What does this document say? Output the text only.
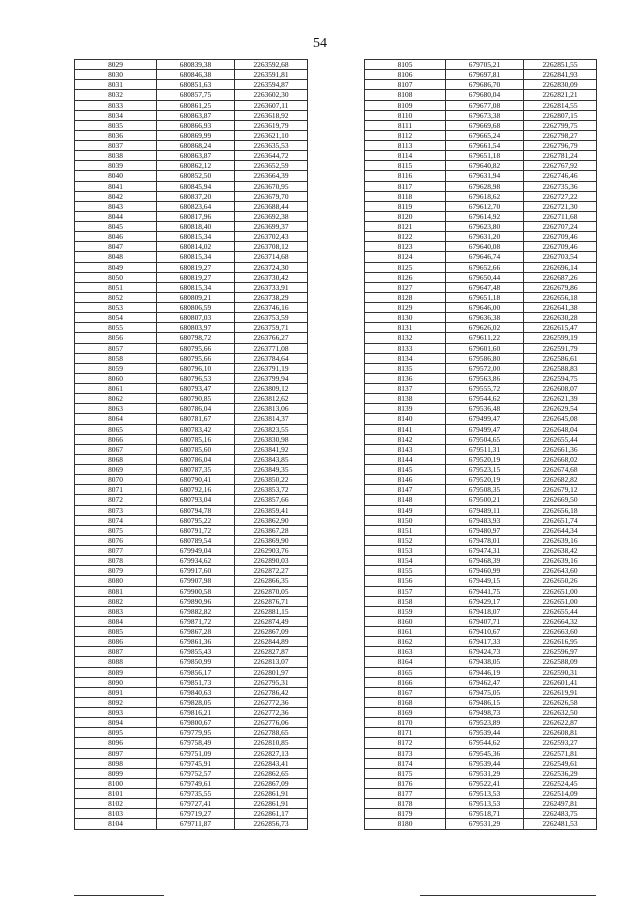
54
8029	680839,38	2263592,68
8030	680846,38	2263591,81
8031	680851,63	2263594,87
8032	680857,75	2263602,30
8033	680861,25	2263607,11
8034	680863,87	2263618,92
8035	680866,93	2263619,79
8036	680869,99	2263621,10
8037	680868,24	2263635,53
8038	680863,87	2263644,72
8039	680862,12	2263652,59
8040	680852,50	2263664,39
8041	680845,94	2263670,95
8042	680837,20	2263679,70
8043	680823,64	2263688,44
8044	680817,96	2263692,38
8045	680818,40	2263699,37
8046	680815,34	2263702,43
8047	680814,02	2263708,12
8048	680815,34	2263714,68
8049	680819,27	2263724,30
8050	680819,27	2263730,42
8051	680815,34	2263733,91
8052	680809,21	2263738,29
8053	680806,59	2263746,16
8054	680807,03	2263753,59
8055	680803,97	2263759,71
8056	680798,72	2263766,27
8057	680795,66	2263771,08
8058	680795,66	2263784,64
8059	680796,10	2263791,19
8060	680796,53	2263799,94
8061	680793,47	2263809,12
8062	680790,85	2263812,62
8063	680786,04	2263813,06
8064	680781,67	2263814,37
8065	680783,42	2263823,55
8066	680785,16	2263830,98
8067	680785,60	2263841,92
8068	680786,04	2263843,85
8069	680787,35	2263849,35
8070	680790,41	2263850,22
8071	680792,16	2263853,72
8072	680793,04	2263857,66
8073	680794,78	2263859,41
8074	680795,22	2263862,90
8075	680791,72	2263867,28
8076	680789,54	2263869,90
8077	679949,04	2262903,76
8078	679934,62	2262890,03
8079	679917,60	2262872,27
8080	679907,98	2262866,35
8081	679900,58	2262870,05
8082	679890,96	2262876,71
8083	679882,82	2262881,15
8084	679871,72	2262874,49
8085	679867,28	2262867,09
8086	679861,36	2262844,89
8087	679855,43	2262827,87
8088	679850,99	2262813,07
8089	679856,17	2262801,97
8090	679851,73	2262795,31
8091	679840,63	2262786,42
8092	679828,05	2262772,36
8093	679816,21	2262772,36
8094	679800,67	2262776,06
8095	679779,95	2262788,65
8096	679758,49	2262810,85
8097	679751,09	2262827,13
8098	679745,91	2262843,41
8099	679752,57	2262862,65
8100	679749,61	2262867,09
8101	679735,55	2262861,91
8102	679727,41	2262861,91
8103	679719,27	2262861,17
8104	679711,87	2262856,73
8105	679705,21	2262851,55
8106	679697,81	2262841,93
8107	679686,70	2262830,09
8108	679680,04	2262821,21
8109	679677,08	2262814,55
8110	679673,38	2262807,15
8111	679669,68	2262799,75
8112	679665,24	2262798,27
8113	679661,54	2262796,79
8114	679651,18	2262781,24
8115	679640,82	2262767,92
8116	679631,94	2262746,46
8117	679628,98	2262735,36
8118	679618,62	2262727,22
8119	679612,70	2262721,30
8120	679614,92	2262711,68
8121	679623,80	2262707,24
8122	679631,20	2262709,46
8123	679640,08	2262709,46
8124	679646,74	2262703,54
8125	679652,66	2262696,14
8126	679650,44	2262687,26
8127	679647,48	2262679,86
8128	679651,18	2262656,18
8129	679646,00	2262641,38
8130	679636,38	2262630,28
8131	679626,02	2262615,47
8132	679611,22	2262599,19
8133	679601,60	2262591,79
8134	679586,80	2262586,61
8135	679572,00	2262588,83
8136	679563,86	2262594,75
8137	679555,72	2262608,07
8138	679544,62	2262621,39
8139	679536,48	2262629,54
8140	679499,47	2262645,08
8141	679499,47	2262648,04
8142	679504,65	2262655,44
8143	679511,31	2262661,36
8144	679520,19	2262668,02
8145	679523,15	2262674,68
8146	679520,19	2262682,82
8147	679508,35	2262679,12
8148	679500,21	2262669,50
8149	679489,11	2262656,18
8150	679483,93	2262651,74
8151	679480,97	2262644,34
8152	679478,01	2262639,16
8153	679474,31	2262638,42
8154	679468,39	2262639,16
8155	679460,99	2262643,60
8156	679449,15	2262650,26
8157	679441,75	2262651,00
8158	679429,17	2262651,00
8159	679418,07	2262655,44
8160	679407,71	2262664,32
8161	679410,67	2262663,60
8162	679417,33	2262616,95
8163	679424,73	2262596,97
8164	679438,05	2262588,09
8165	679446,19	2262590,31
8166	679462,47	2262601,41
8167	679475,05	2262619,91
8168	679486,15	2262626,58
8169	679498,73	2262632,50
8170	679523,89	2262622,87
8171	679539,44	2262608,81
8172	679544,62	2262593,27
8173	679545,36	2262571,81
8174	679539,44	2262549,61
8175	679531,29	2262536,29
8176	679522,41	2262524,45
8177	679513,53	2262514,09
8178	679513,53	2262497,81
8179	679518,71	2262483,75
8180	679531,29	2262481,53
